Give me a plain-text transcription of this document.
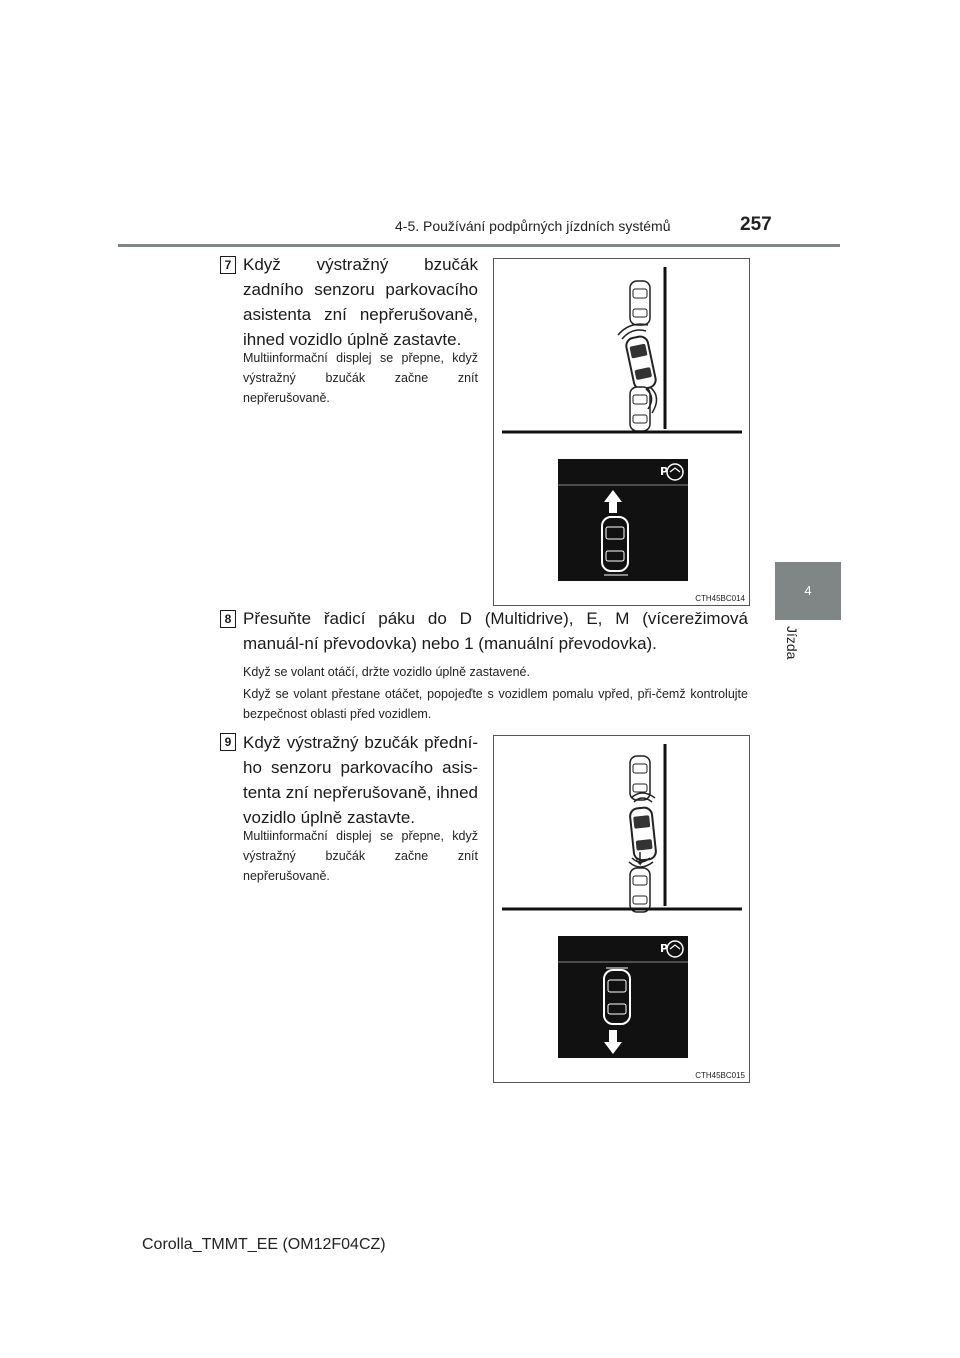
4-5. Používání podpůrných jízdních systémů	257
4
Jízda
7 Když výstražný bzučák zadního senzoru parkovacího asistenta zní nepřerušovaně, ihned vozidlo úplně zastavte.
Multiinformační displej se přepne, když výstražný bzučák začne znít nepřerušovaně.
P
CTH45BC014
8 Přesuňte řadicí páku do D (Multidrive), E, M (vícerežimová manuál-ní převodovka) nebo 1 (manuální převodovka).
Když se volant otáčí, držte vozidlo úplně zastavené.
Když se volant přestane otáčet, popojeďte s vozidlem pomalu vpřed, při-čemž kontrolujte bezpečnost oblasti před vozidlem.
9 Když výstražný bzučák přední-ho senzoru parkovacího asis-tenta zní nepřerušovaně, ihned vozidlo úplně zastavte.
Multiinformační displej se přepne, když výstražný bzučák začne znít nepřerušovaně.
P
CTH45BC015
Corolla_TMMT_EE (OM12F04CZ)
